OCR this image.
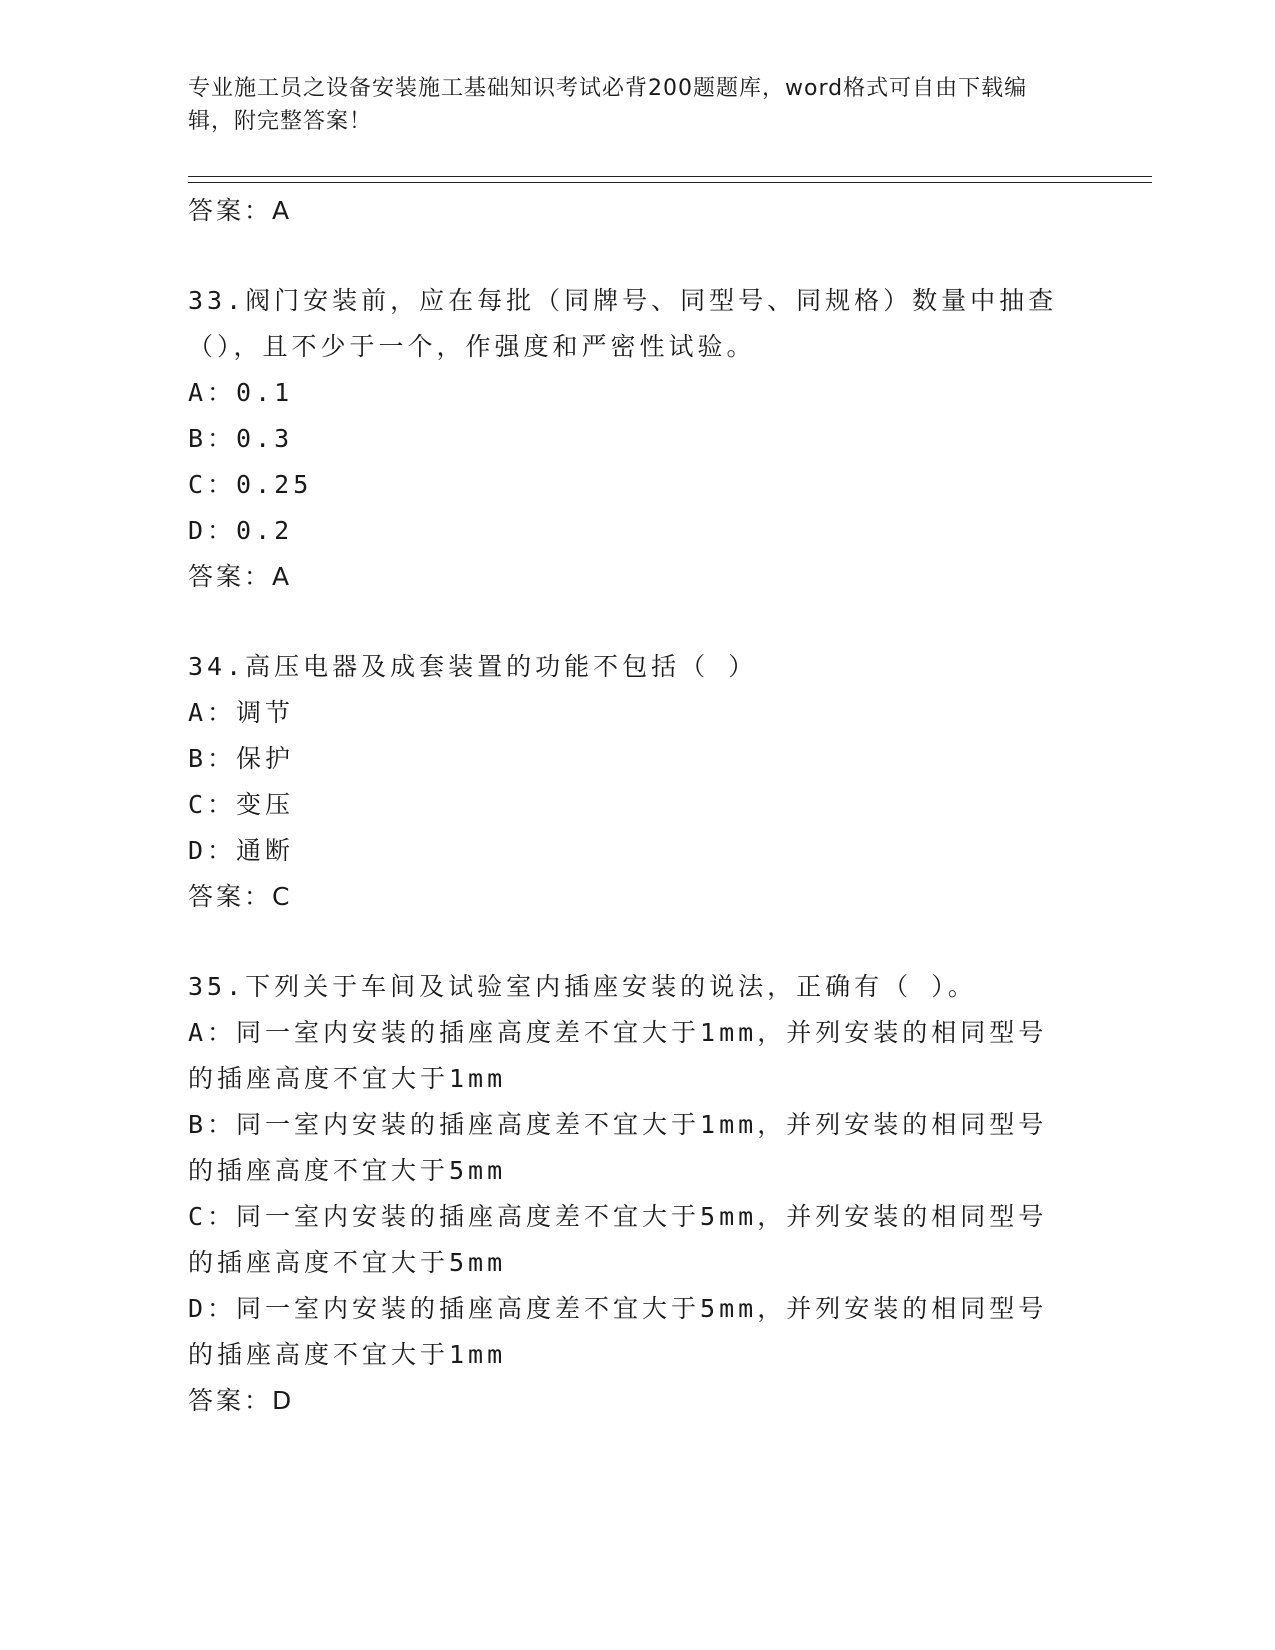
专业施工员之设备安装施工基础知识考试必背200题题库，word格式可自由下载编辑，附完整答案！
答案：A
33.阀门安装前，应在每批（同牌号、同型号、同规格）数量中抽查（），且不少于一个，作强度和严密性试验。
A：0.1
B：0.3
C：0.25
D：0.2
答案：A
34.高压电器及成套装置的功能不包括（ ）
A：调节
B：保护
C：变压
D：通断
答案：C
35.下列关于车间及试验室内插座安装的说法，正确有（ ）。
A：同一室内安装的插座高度差不宜大于1mm，并列安装的相同型号的插座高度不宜大于1mm
B：同一室内安装的插座高度差不宜大于1mm，并列安装的相同型号的插座高度不宜大于5mm
C：同一室内安装的插座高度差不宜大于5mm，并列安装的相同型号的插座高度不宜大于5mm
D：同一室内安装的插座高度差不宜大于5mm，并列安装的相同型号的插座高度不宜大于1mm
答案：D
